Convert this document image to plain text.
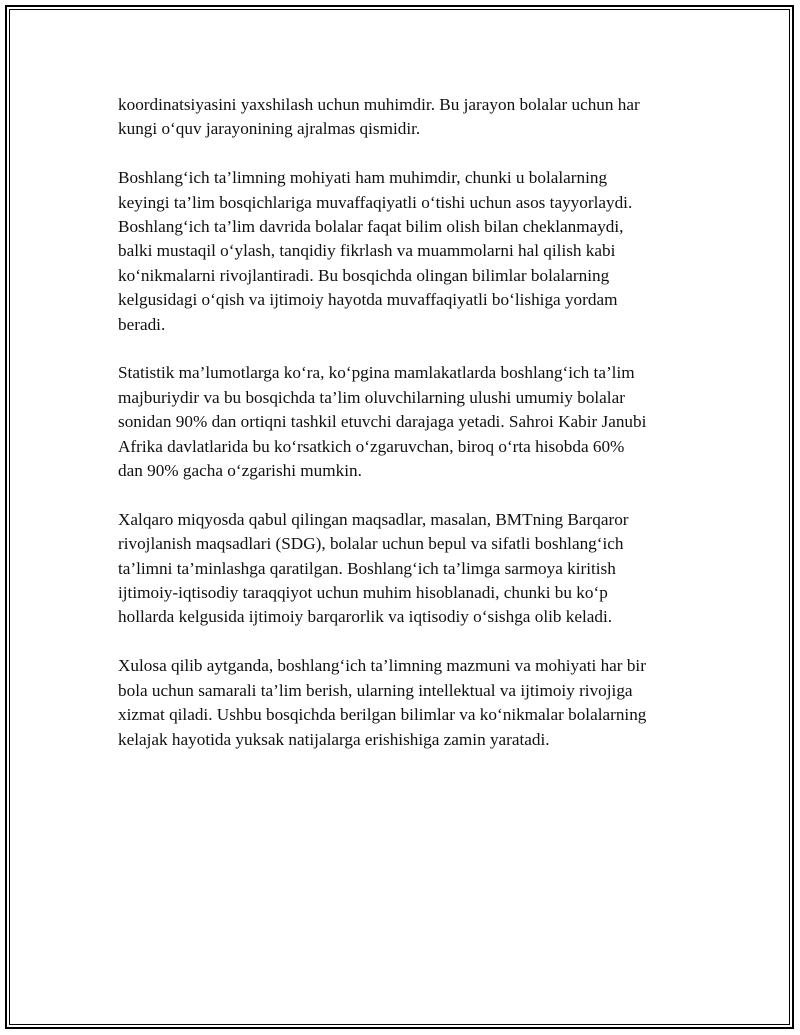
koordinatsiyasini yaxshilash uchun muhimdir. Bu jarayon bolalar uchun har
kungi o‘quv jarayonining ajralmas qismidir.

Boshlang‘ich ta’limning mohiyati ham muhimdir, chunki u bolalarning
keyingi ta’lim bosqichlariga muvaffaqiyatli o‘tishi uchun asos tayyorlaydi.
Boshlang‘ich ta’lim davrida bolalar faqat bilim olish bilan cheklanmaydi,
balki mustaqil o‘ylash, tanqidiy fikrlash va muammolarni hal qilish kabi
ko‘nikmalarni rivojlantiradi. Bu bosqichda olingan bilimlar bolalarning
kelgusidagi o‘qish va ijtimoiy hayotda muvaffaqiyatli bo‘lishiga yordam
beradi.

Statistik ma’lumotlarga ko‘ra, ko‘pgina mamlakatlarda boshlang‘ich ta’lim
majburiydir va bu bosqichda ta’lim oluvchilarning ulushi umumiy bolalar
sonidan 90% dan ortiqni tashkil etuvchi darajaga yetadi. Sahroi Kabir Janubi
Afrika davlatlarida bu ko‘rsatkich o‘zgaruvchan, biroq o‘rta hisobda 60%
dan 90% gacha o‘zgarishi mumkin.

Xalqaro miqyosda qabul qilingan maqsadlar, masalan, BMTning Barqaror
rivojlanish maqsadlari (SDG), bolalar uchun bepul va sifatli boshlang‘ich
ta’limni ta’minlashga qaratilgan. Boshlang‘ich ta’limga sarmoya kiritish
ijtimoiy-iqtisodiy taraqqiyot uchun muhim hisoblanadi, chunki bu ko‘p
hollarda kelgusida ijtimoiy barqarorlik va iqtisodiy o‘sishga olib keladi.

Xulosa qilib aytganda, boshlang‘ich ta’limning mazmuni va mohiyati har bir
bola uchun samarali ta’lim berish, ularning intellektual va ijtimoiy rivojiga
xizmat qiladi. Ushbu bosqichda berilgan bilimlar va ko‘nikmalar bolalarning
kelajak hayotida yuksak natijalarga erishishiga zamin yaratadi.
